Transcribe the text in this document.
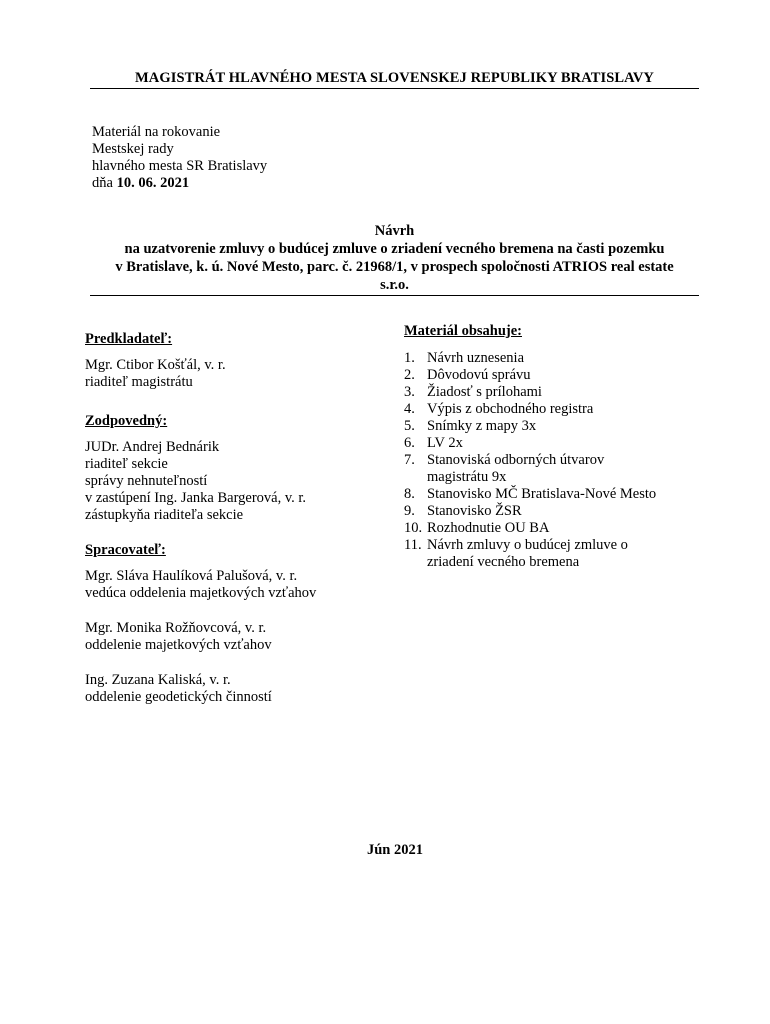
MAGISTRÁT HLAVNÉHO MESTA SLOVENSKEJ REPUBLIKY BRATISLAVY
Materiál na rokovanie
Mestskej rady
hlavného mesta SR Bratislavy
dňa 10. 06. 2021
Návrh
na uzatvorenie zmluvy o budúcej zmluve o zriadení vecného bremena na časti pozemku
v Bratislave, k. ú. Nové Mesto, parc. č. 21968/1, v prospech spoločnosti ATRIOS real estate
s.r.o.

Predkladateľ:

Mgr. Ctibor Košťál, v. r.
riaditeľ magistrátu

Zodpovedný:

JUDr. Andrej Bednárik
riaditeľ sekcie
správy nehnuteľností
v zastúpení Ing. Janka Bargerová, v. r.
zástupkyňa riaditeľa sekcie

Spracovateľ:

Mgr. Sláva Haulíková Palušová, v. r.
vedúca oddelenia majetkových vzťahov
Mgr. Monika Rožňovcová, v. r.
oddelenie majetkových vzťahov
Ing. Zuzana Kaliská, v. r.
oddelenie geodetických činností

Materiál obsahuje:

1. Návrh uznesenia
2. Dôvodovú správu
3. Žiadosť s prílohami
4. Výpis z obchodného registra
5. Snímky z mapy 3x
6. LV 2x
7. Stanoviská odborných útvarov
magistrátu 9x
8. Stanovisko MČ Bratislava-Nové Mesto
9. Stanovisko ŽSR
10. Rozhodnutie OU BA
11. Návrh zmluvy o budúcej zmluve o
zriadení vecného bremena
Jún 2021
